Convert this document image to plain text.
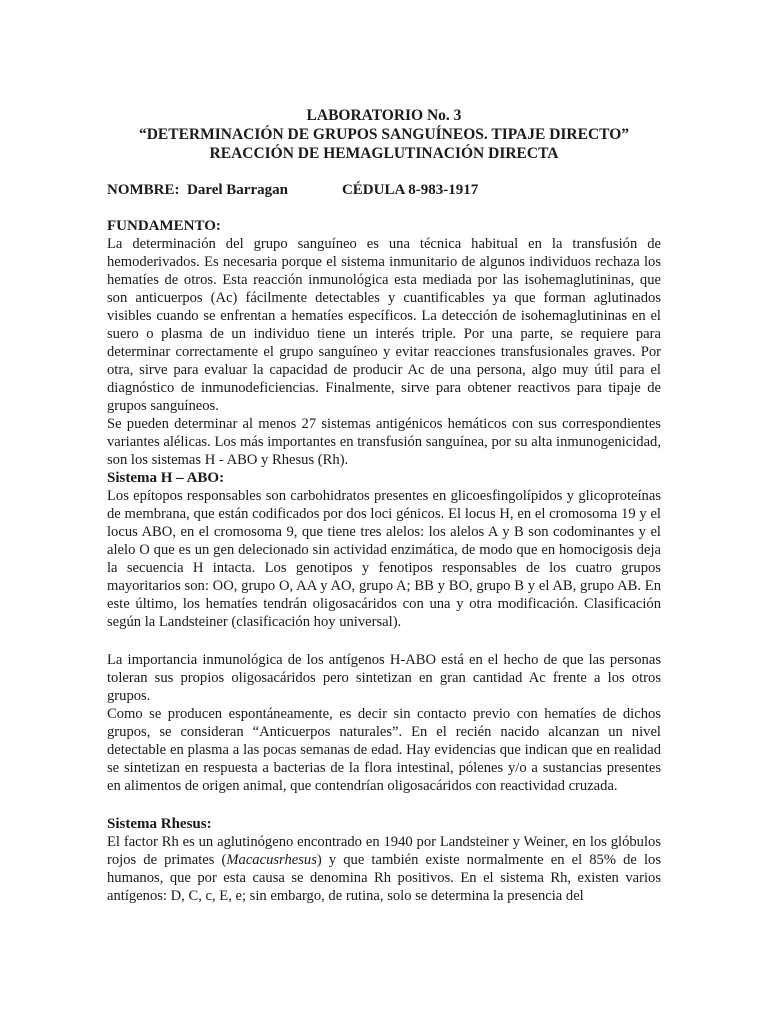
LABORATORIO No. 3
“DETERMINACIÓN DE GRUPOS SANGUÍNEOS. TIPAJE DIRECTO”
REACCIÓN DE HEMAGLUTINACIÓN DIRECTA
NOMBRE: Darel Barragan	CÉDULA 8-983-1917
FUNDAMENTO:

La determinación del grupo sanguíneo es una técnica habitual en la transfusión de hemoderivados. Es necesaria porque el sistema inmunitario de algunos individuos rechaza los hematíes de otros. Esta reacción inmunológica esta mediada por las isohemaglutininas, que son anticuerpos (Ac) fácilmente detectables y cuantificables ya que forman aglutinados visibles cuando se enfrentan a hematíes específicos. La detección de isohemaglutininas en el suero o plasma de un individuo tiene un interés triple. Por una parte, se requiere para determinar correctamente el grupo sanguíneo y evitar reacciones transfusionales graves. Por otra, sirve para evaluar la capacidad de producir Ac de una persona, algo muy útil para el diagnóstico de inmunodeficiencias. Finalmente, sirve para obtener reactivos para tipaje de grupos sanguíneos.

Se pueden determinar al menos 27 sistemas antigénicos hemáticos con sus correspondientes variantes alélicas. Los más importantes en transfusión sanguínea, por su alta inmunogenicidad, son los sistemas H - ABO y Rhesus (Rh).

Sistema H – ABO:

Los epítopos responsables son carbohidratos presentes en glicoesfingolípidos y glicoproteínas de membrana, que están codificados por dos loci génicos. El locus H, en el cromosoma 19 y el locus ABO, en el cromosoma 9, que tiene tres alelos: los alelos A y B son codominantes y el alelo O que es un gen delecionado sin actividad enzimática, de modo que en homocigosis deja la secuencia H intacta. Los genotipos y fenotipos responsables de los cuatro grupos mayoritarios son: OO, grupo O, AA y AO, grupo A; BB y BO, grupo B y el AB, grupo AB. En este último, los hematíes tendrán oligosacáridos con una y otra modificación. Clasificación según la Landsteiner (clasificación hoy universal).

La importancia inmunológica de los antígenos H-ABO está en el hecho de que las personas toleran sus propios oligosacáridos pero sintetizan en gran cantidad Ac frente a los otros grupos.

Como se producen espontáneamente, es decir sin contacto previo con hematíes de dichos grupos, se consideran “Anticuerpos naturales”. En el recién nacido alcanzan un nivel detectable en plasma a las pocas semanas de edad. Hay evidencias que indican que en realidad se sintetizan en respuesta a bacterias de la flora intestinal, pólenes y/o a sustancias presentes en alimentos de origen animal, que contendrían oligosacáridos con reactividad cruzada.

Sistema Rhesus:

El factor Rh es un aglutinógeno encontrado en 1940 por Landsteiner y Weiner, en los glóbulos rojos de primates (Macacusrhesus) y que también existe normalmente en el 85% de los humanos, que por esta causa se denomina Rh positivos. En el sistema Rh, existen varios antígenos: D, C, c, E, e; sin embargo, de rutina, solo se determina la presencia del
